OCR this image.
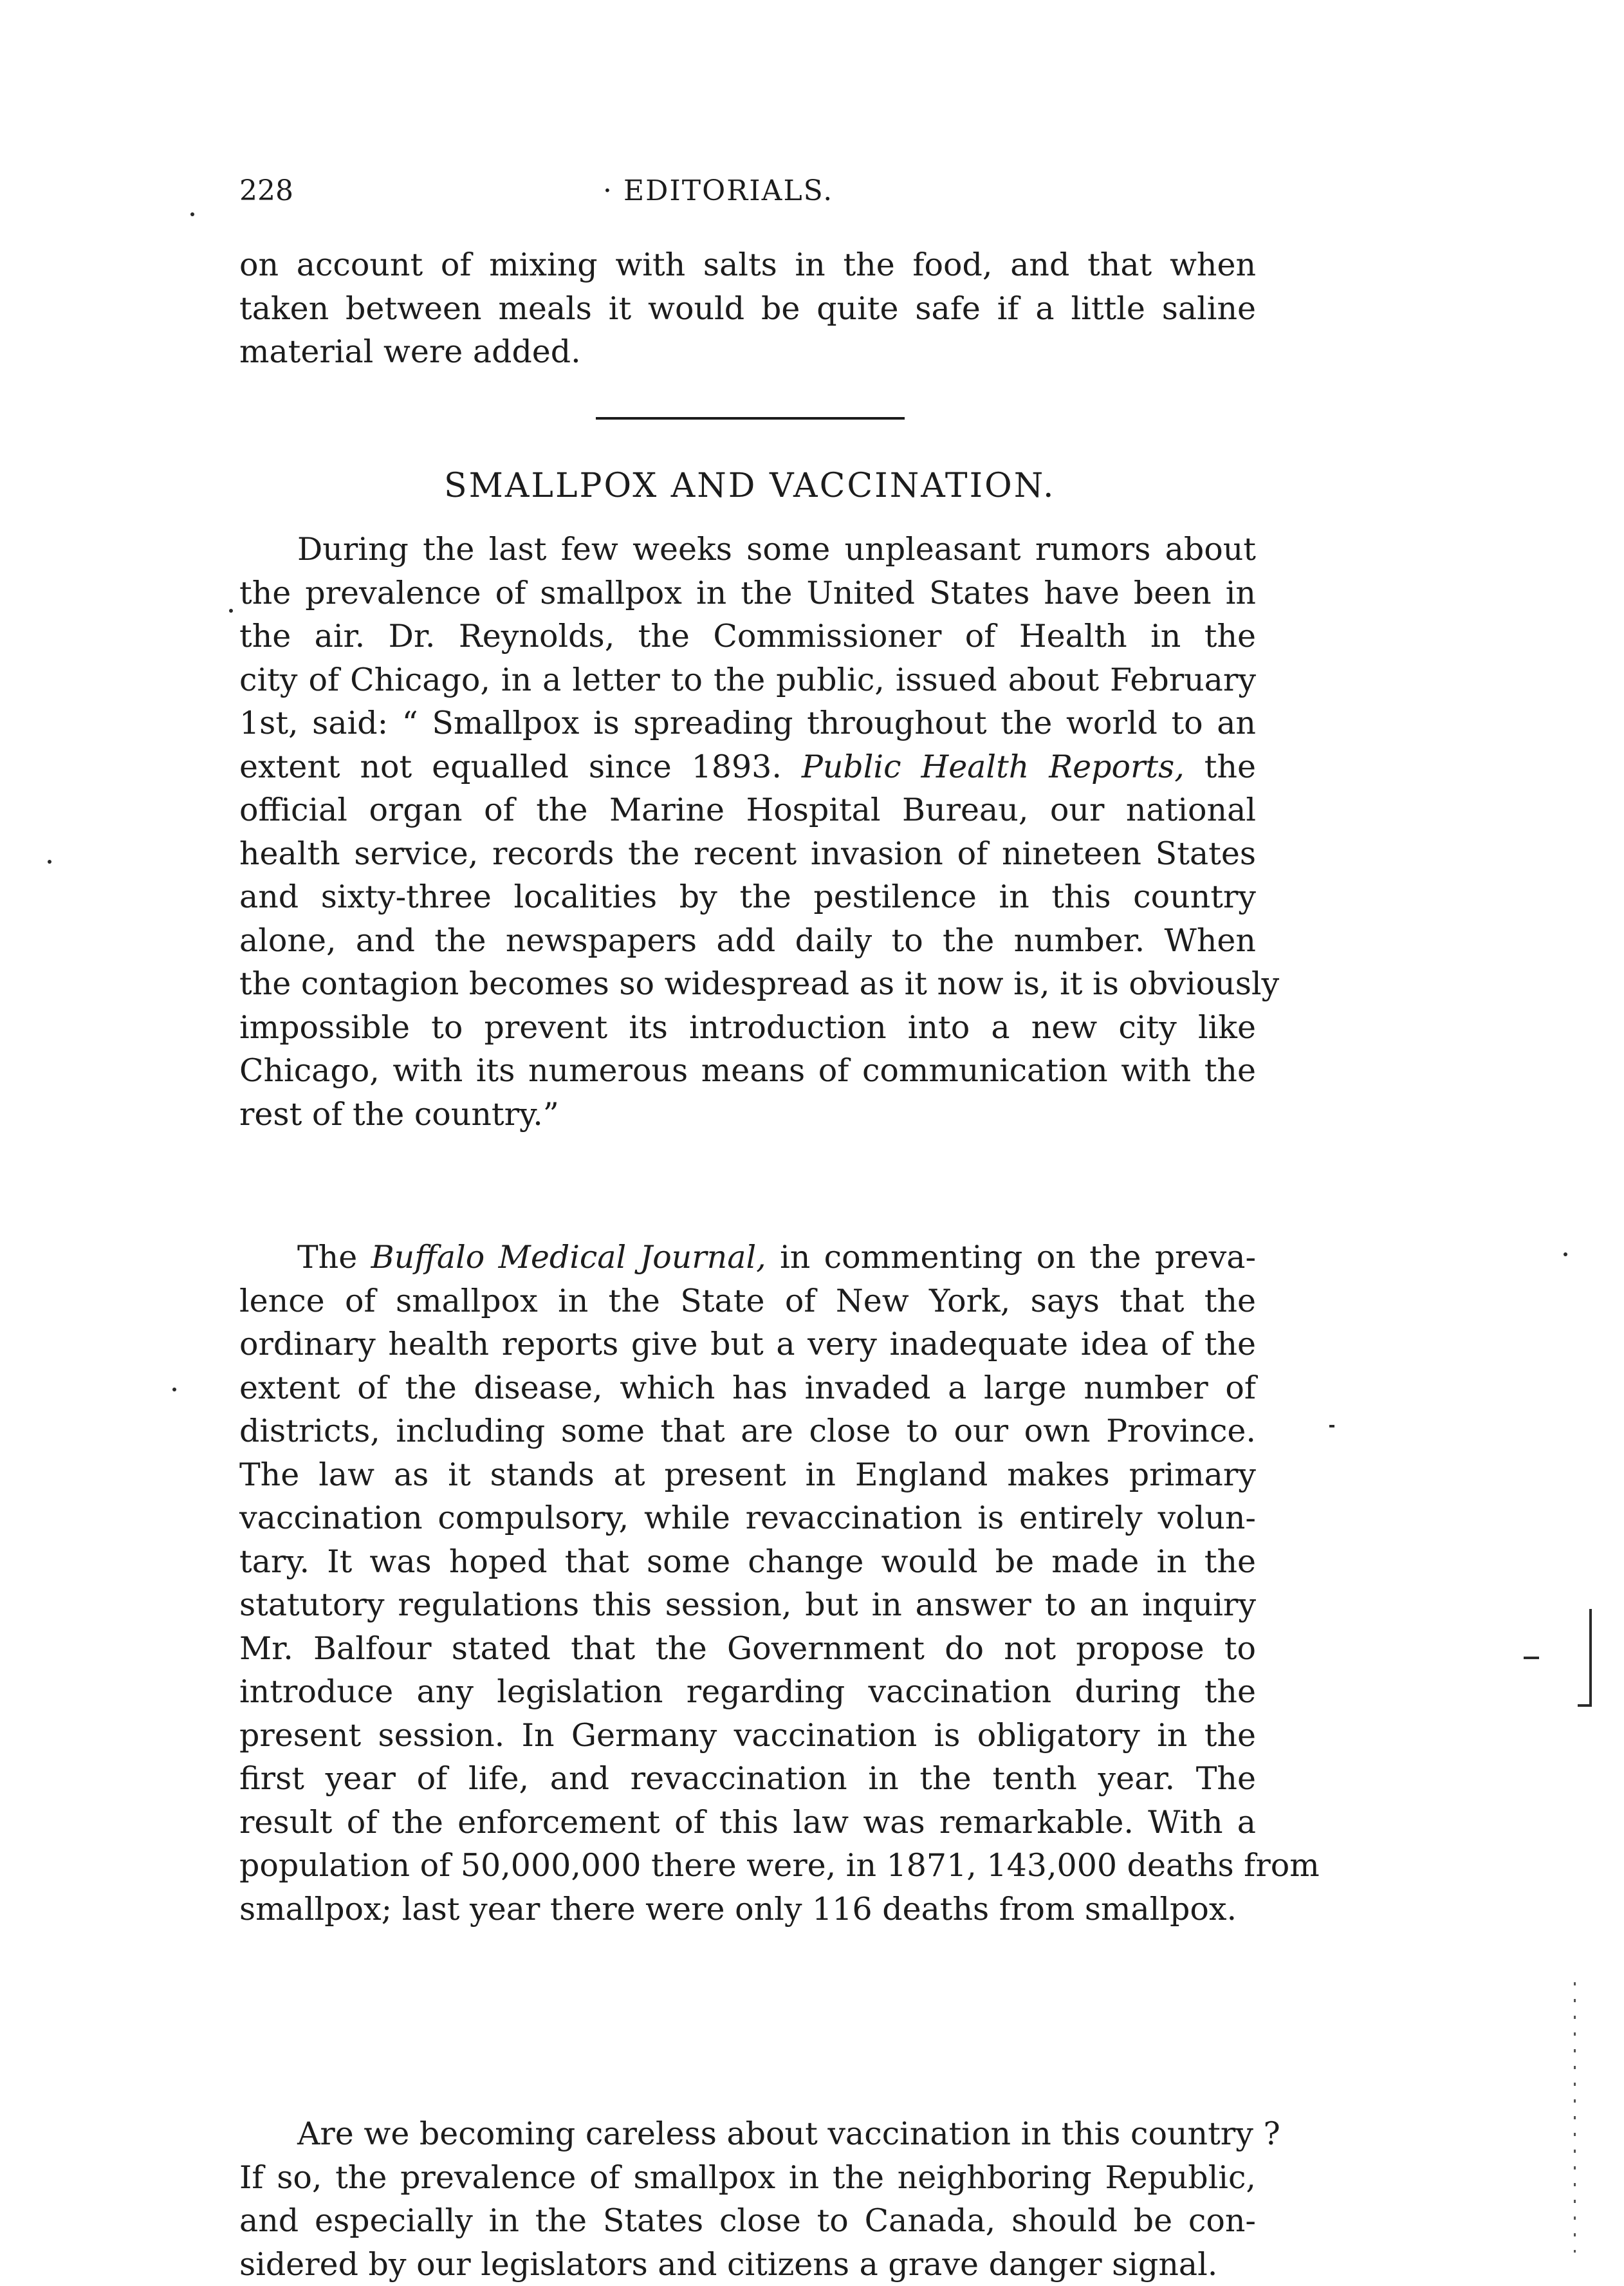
228	· EDITORIALS.
on account of mixing with salts in the food, and that when
taken between meals it would be quite safe if a little saline
material were added.
SMALLPOX AND VACCINATION.
During the last few weeks some unpleasant rumors about
the prevalence of smallpox in the United States have been in
the air. Dr. Reynolds, the Commissioner of Health in the
city of Chicago, in a letter to the public, issued about February
1st, said: “ Smallpox is spreading throughout the world to an
extent not equalled since 1893. Public Health Reports, the
official organ of the Marine Hospital Bureau, our national
health service, records the recent invasion of nineteen States
and sixty-three localities by the pestilence in this country
alone, and the newspapers add daily to the number. When
the contagion becomes so widespread as it now is, it is obviously
impossible to prevent its introduction into a new city like
Chicago, with its numerous means of communication with the
rest of the country.”
The Buffalo Medical Journal, in commenting on the preva-
lence of smallpox in the State of New York, says that the
ordinary health reports give but a very inadequate idea of the
extent of the disease, which has invaded a large number of
districts, including some that are close to our own Province.
The law as it stands at present in England makes primary
vaccination compulsory, while revaccination is entirely volun-
tary. It was hoped that some change would be made in the
statutory regulations this session, but in answer to an inquiry
Mr. Balfour stated that the Government do not propose to
introduce any legislation regarding vaccination during the
present session. In Germany vaccination is obligatory in the
first year of life, and revaccination in the tenth year. The
result of the enforcement of this law was remarkable. With a
population of 50,000,000 there were, in 1871, 143,000 deaths from
smallpox; last year there were only 116 deaths from smallpox.
Are we becoming careless about vaccination in this country ?
If so, the prevalence of smallpox in the neighboring Republic,
and especially in the States close to Canada, should be con-
sidered by our legislators and citizens a grave danger signal.
